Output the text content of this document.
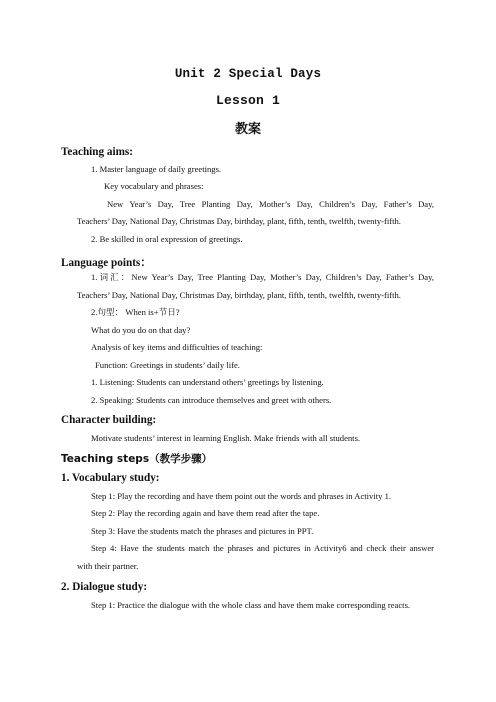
Unit 2 Special Days
Lesson 1
教案
Teaching aims:
1. Master language of daily greetings.
Key vocabulary and phrases:
New Year’s Day, Tree Planting Day, Mother’s Day, Children’s Day, Father’s Day,
Teachers’ Day, National Day, Christmas Day, birthday, plant, fifth, tenth, twelfth, twenty-fifth.
2. Be skilled in oral expression of greetings.
Language points：
1.词汇：New Year’s Day, Tree Planting Day, Mother’s Day, Children’s Day, Father’s Day,
Teachers’ Day, National Day, Christmas Day, birthday, plant, fifth, tenth, twelfth, twenty-fifth.
2.句型： When is+节日?
What do you do on that day?
Analysis of key items and difficulties of teaching:
Function: Greetings in students’ daily life.
1. Listening: Students can understand others’ greetings by listening.
2. Speaking: Students can introduce themselves and greet with others.
Character building:
Motivate students’ interest in learning English. Make friends with all students.
Teaching steps（教学步骤）
1. Vocabulary study:
Step 1: Play the recording and have them point out the words and phrases in Activity 1.
Step 2: Play the recording again and have them read after the tape.
Step 3: Have the students match the phrases and pictures in PPT.
Step 4: Have the students match the phrases and pictures in Activity6 and check their answer
with their partner.
2. Dialogue study:
Step 1: Practice the dialogue with the whole class and have them make corresponding reacts.
